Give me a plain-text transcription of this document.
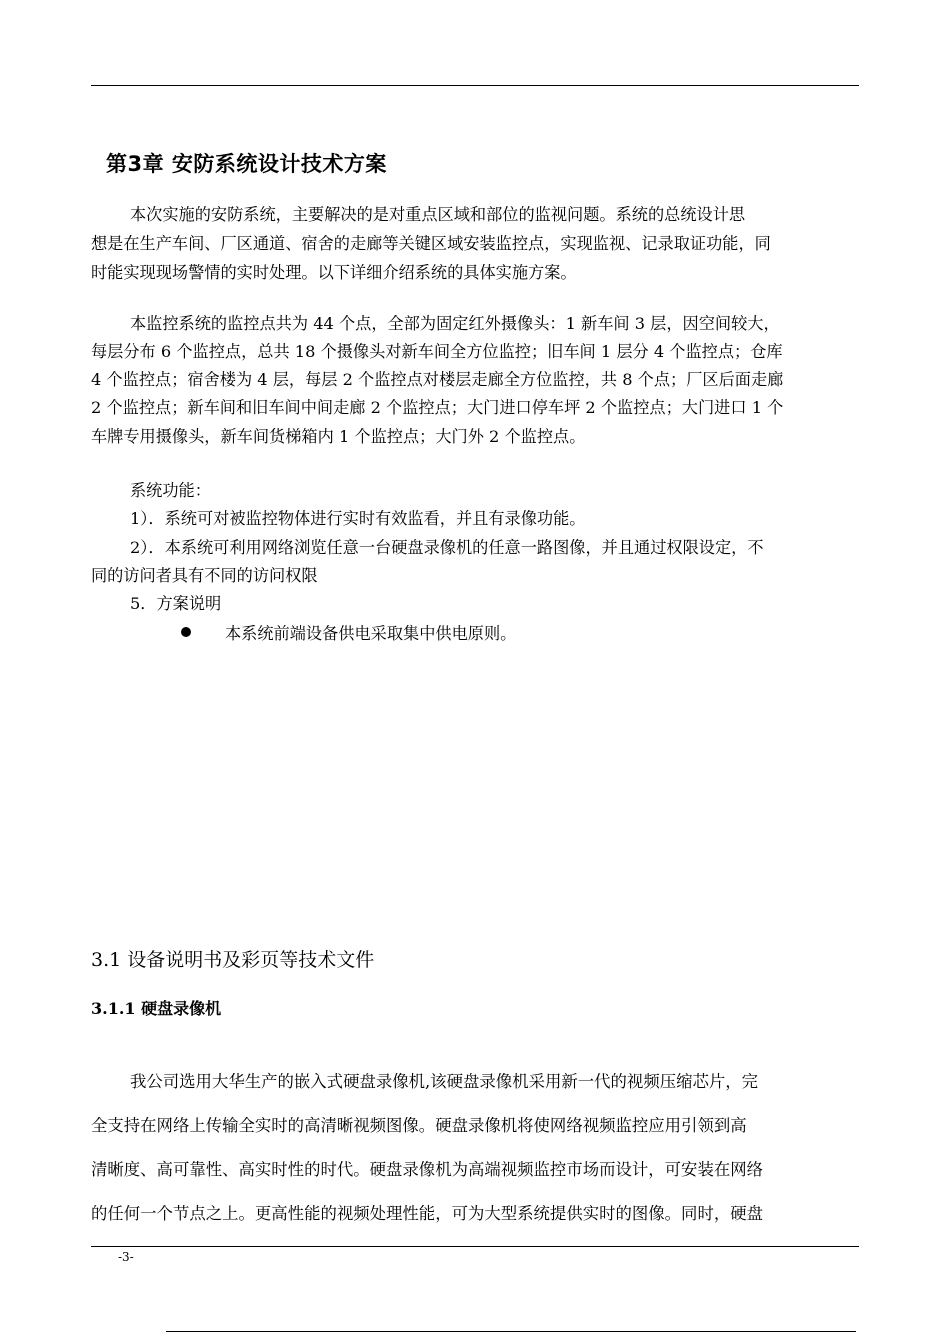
第3章 安防系统设计技术方案
本次实施的安防系统，主要解决的是对重点区域和部位的监视问题。系统的总统设计思
想是在生产车间、厂区通道、宿舍的走廊等关键区域安装监控点，实现监视、记录取证功能，同
时能实现现场警情的实时处理。以下详细介绍系统的具体实施方案。
本监控系统的监控点共为 44 个点，全部为固定红外摄像头：1 新车间 3 层，因空间较大，
每层分布 6 个监控点，总共 18 个摄像头对新车间全方位监控；旧车间 1 层分 4 个监控点；仓库
4 个监控点；宿舍楼为 4 层，每层 2 个监控点对楼层走廊全方位监控，共 8 个点；厂区后面走廊
2 个监控点；新车间和旧车间中间走廊 2 个监控点；大门进口停车坪 2 个监控点；大门进口 1 个
车牌专用摄像头，新车间货梯箱内 1 个监控点；大门外 2 个监控点。
系统功能：
1）．系统可对被监控物体进行实时有效监看，并且有录像功能。
2）．本系统可利用网络浏览任意一台硬盘录像机的任意一路图像，并且通过权限设定，不
同的访问者具有不同的访问权限
5．方案说明
本系统前端设备供电采取集中供电原则。
3.1 设备说明书及彩页等技术文件
3.1.1 硬盘录像机
我公司选用大华生产的嵌入式硬盘录像机,该硬盘录像机采用新一代的视频压缩芯片，完
全支持在网络上传输全实时的高清晰视频图像。硬盘录像机将使网络视频监控应用引领到高
清晰度、高可靠性、高实时性的时代。硬盘录像机为高端视频监控市场而设计，可安装在网络
的任何一个节点之上。更高性能的视频处理性能，可为大型系统提供实时的图像。同时，硬盘
-3-
